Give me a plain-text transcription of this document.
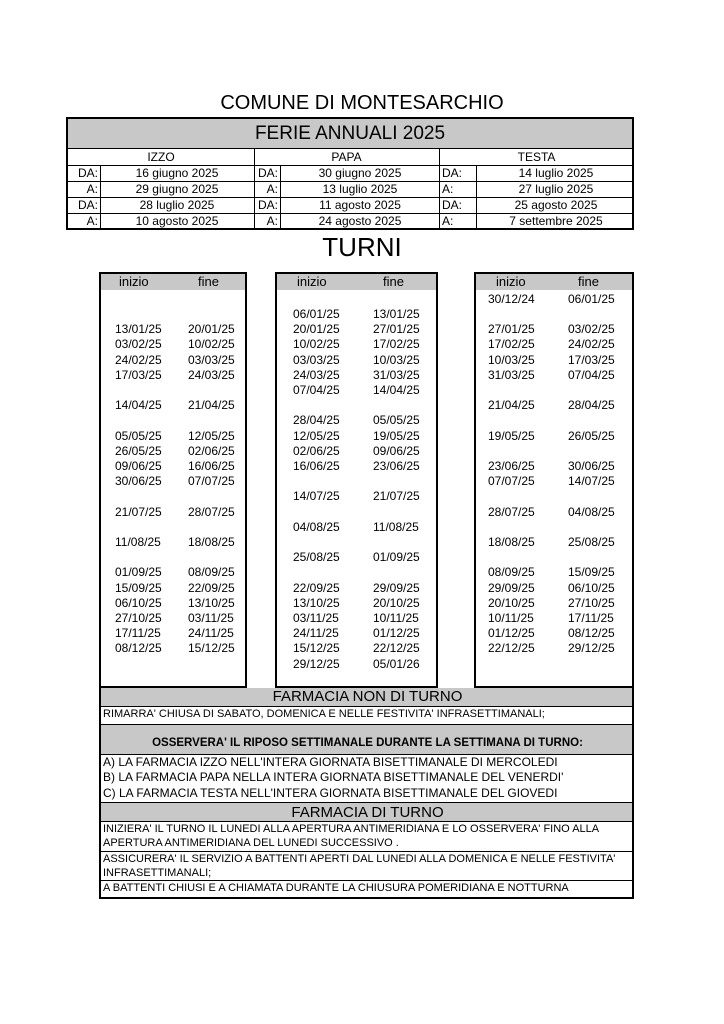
COMUNE DI MONTESARCHIO
FERIE ANNUALI 2025
IZZO	PAPA	TESTA
DA:	16 giugno 2025	DA:	30 giugno 2025	DA:	14 luglio 2025
A:	29 giugno 2025	A:	13 luglio 2025	A:	27 luglio 2025
DA:	28 luglio 2025	DA:	11 agosto 2025	DA:	25 agosto 2025
A:	10 agosto 2025	A:	24 agosto 2025	A:	7 settembre 2025
TURNI
inizio	fine
13/01/25 20/01/25
03/02/25 10/02/25
24/02/25 03/03/25
17/03/25 24/03/25
14/04/25 21/04/25
05/05/25 12/05/25
26/05/25 02/06/25
09/06/25 16/06/25
30/06/25 07/07/25
21/07/25 28/07/25
11/08/25 18/08/25
01/09/25 08/09/25
15/09/25 22/09/25
06/10/25 13/10/25
27/10/25 03/11/25
17/11/25 24/11/25
08/12/25 15/12/25
inizio	fine
06/01/25	13/01/25
20/01/25	27/01/25
10/02/25	17/02/25
03/03/25	10/03/25
24/03/25	31/03/25
07/04/25	14/04/25
28/04/25	05/05/25
12/05/25	19/05/25
02/06/25	09/06/25
16/06/25	23/06/25
14/07/25	21/07/25
04/08/25	11/08/25
25/08/25	01/09/25
22/09/25	29/09/25
13/10/25	20/10/25
03/11/25	10/11/25
24/11/25	01/12/25
15/12/25	22/12/25
29/12/25	05/01/26
inizio	fine
30/12/24	06/01/25
27/01/25	03/02/25
17/02/25	24/02/25
10/03/25	17/03/25
31/03/25	07/04/25
21/04/25	28/04/25
19/05/25	26/05/25
23/06/25	30/06/25
07/07/25	14/07/25
28/07/25	04/08/25
18/08/25	25/08/25
08/09/25	15/09/25
29/09/25	06/10/25
20/10/25	27/10/25
10/11/25	17/11/25
01/12/25	08/12/25
22/12/25	29/12/25
FARMACIA NON DI TURNO
RIMARRA' CHIUSA DI SABATO, DOMENICA E NELLE FESTIVITA' INFRASETTIMANALI;
OSSERVERA' IL RIPOSO SETTIMANALE DURANTE LA SETTIMANA DI TURNO:
A) LA FARMACIA IZZO NELL'INTERA GIORNATA BISETTIMANALE DI MERCOLEDI
B) LA FARMACIA PAPA NELLA INTERA GIORNATA BISETTIMANALE DEL VENERDI'
C) LA FARMACIA TESTA NELL'INTERA GIORNATA BISETTIMANALE DEL GIOVEDI
FARMACIA DI TURNO
INIZIERA' IL TURNO IL LUNEDI ALLA APERTURA ANTIMERIDIANA E LO OSSERVERA' FINO ALLA
APERTURA ANTIMERIDIANA DEL LUNEDI SUCCESSIVO .
ASSICURERA' IL SERVIZIO A BATTENTI APERTI DAL LUNEDI ALLA DOMENICA E NELLE FESTIVITA'
INFRASETTIMANALI;
A BATTENTI CHIUSI E A CHIAMATA DURANTE LA CHIUSURA POMERIDIANA E NOTTURNA
